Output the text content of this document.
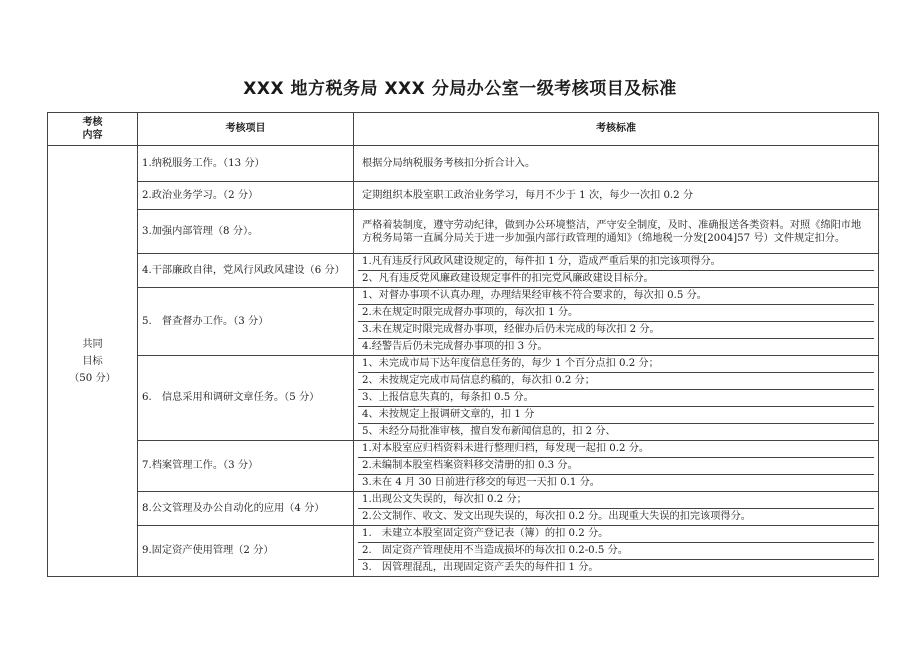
XXX 地方税务局 XXX 分局办公室一级考核项目及标准
考核
内容	考核项目	考核标准

共同
目标
（50 分）	1.纳税服务工作。（13 分）	根据分局纳税服务考核扣分折合计入。

	2.政治业务学习。（2 分）	定期组织本股室职工政治业务学习，每月不少于 1 次，每少一次扣 0.2 分

	3.加强内部管理（8 分）。	严格着装制度，遵守劳动纪律，做到办公环境整洁，严守安全制度，及时、准确报送各类资料。对照《绵阳市地方税务局第一直属分局关于进一步加强内部行政管理的通知》（绵地税一分发[2004]57 号）文件规定扣分。

	4.干部廉政自律，党风行风政风建设（6 分）	1.凡有违反行风政风建设规定的，每件扣 1 分，造成严重后果的扣完该项得分。
2、凡有违反党风廉政建设规定事件的扣完党风廉政建设目标分。

	5.　督查督办工作。（3 分）	1、对督办事项不认真办理，办理结果经审核不符合要求的，每次扣 0.5 分。
2.未在规定时限完成督办事项的，每次扣 1 分。
3.未在规定时限完成督办事项，经催办后仍未完成的每次扣 2 分。
4.经警告后仍未完成督办事项的扣 3 分。

	6.　信息采用和调研文章任务。（5 分）	1、未完成市局下达年度信息任务的，每少 1 个百分点扣 0.2 分；
2、未按规定完成市局信息约稿的，每次扣 0.2 分；
3、上报信息失真的，每条扣 0.5 分。
4、未按规定上报调研文章的，扣 1 分
5、未经分局批准审核，擅自发布新闻信息的，扣 2 分、

	7.档案管理工作。（3 分）	1.对本股室应归档资料未进行整理归档，每发现一起扣 0.2 分。
2.未编制本股室档案资料移交清册的扣 0.3 分。
3.未在 4 月 30 日前进行移交的每迟一天扣 0.1 分。

	8.公文管理及办公自动化的应用（4 分）	1.出现公文失误的，每次扣 0.2 分；
2.公文制作、收文、发文出现失误的，每次扣 0.2 分。出现重大失误的扣完该项得分。

	9.固定资产使用管理（2 分）	1.　未建立本股室固定资产登记表（簿）的扣 0.2 分。
2.　固定资产管理使用不当造成损坏的每次扣 0.2-0.5 分。
3.　因管理混乱，出现固定资产丢失的每件扣 1 分。
